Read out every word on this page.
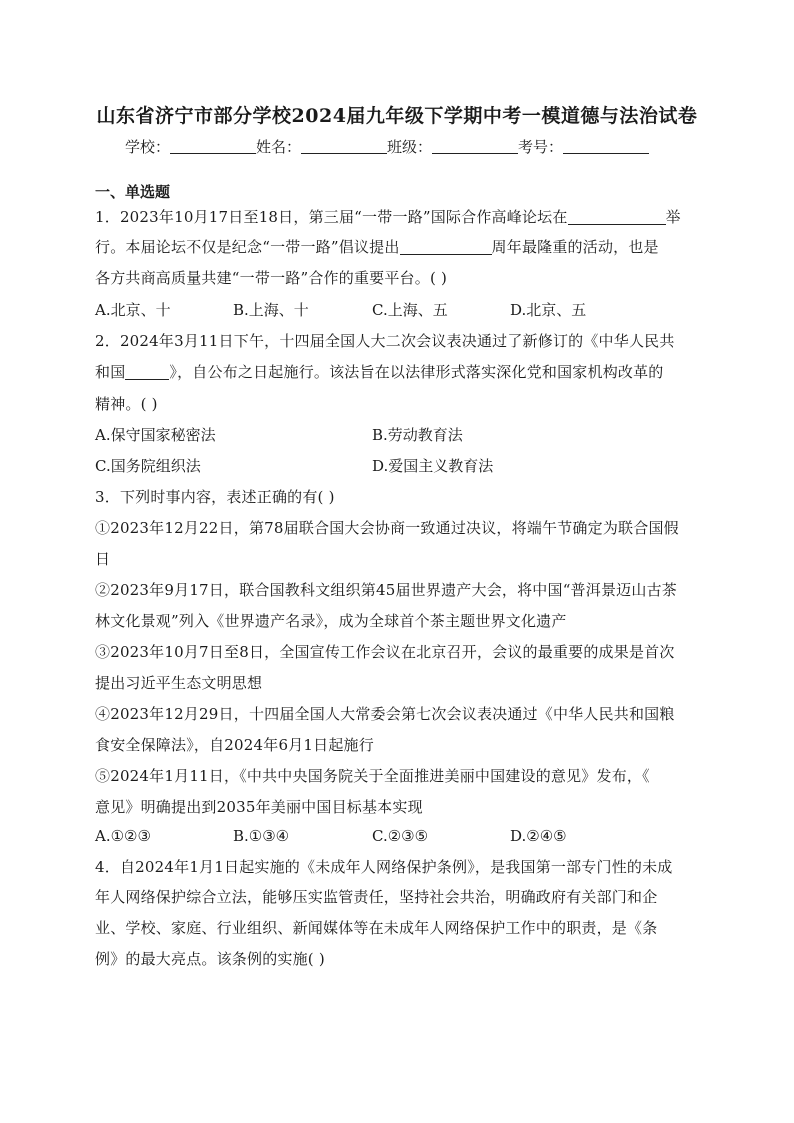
山东省济宁市部分学校2024届九年级下学期中考一模道德与法治试卷
学校：	姓名：	班级：	考号：
一、单选题
1．2023年10月17日至18日，第三届“一带一路”国际合作高峰论坛在	举
行。本届论坛不仅是纪念“一带一路”倡议提出	周年最隆重的活动，也是
各方共商高质量共建“一带一路”合作的重要平台。( )
A.北京、十	B.上海、十	C.上海、五	D.北京、五
2．2024年3月11日下午，十四届全国人大二次会议表决通过了新修订的《中华人民共
和国	》，自公布之日起施行。该法旨在以法律形式落实深化党和国家机构改革的
精神。( )
A.保守国家秘密法	B.劳动教育法
C.国务院组织法	D.爱国主义教育法
3．下列时事内容，表述正确的有( )
①2023年12月22日，第78届联合国大会协商一致通过决议，将端午节确定为联合国假
日
②2023年9月17日，联合国教科文组织第45届世界遗产大会，将中国“普洱景迈山古茶
林文化景观”列入《世界遗产名录》，成为全球首个茶主题世界文化遗产
③2023年10月7日至8日，全国宣传工作会议在北京召开，会议的最重要的成果是首次
提出习近平生态文明思想
④2023年12月29日，十四届全国人大常委会第七次会议表决通过《中华人民共和国粮
食安全保障法》，自2024年6月1日起施行
⑤2024年1月11日，《中共中央国务院关于全面推进美丽中国建设的意见》发布，《
意见》明确提出到2035年美丽中国目标基本实现
A.①②③	B.①③④	C.②③⑤	D.②④⑤
4．自2024年1月1日起实施的《未成年人网络保护条例》，是我国第一部专门性的未成
年人网络保护综合立法，能够压实监管责任，坚持社会共治，明确政府有关部门和企
业、学校、家庭、行业组织、新闻媒体等在未成年人网络保护工作中的职责，是《条
例》的最大亮点。该条例的实施( )
